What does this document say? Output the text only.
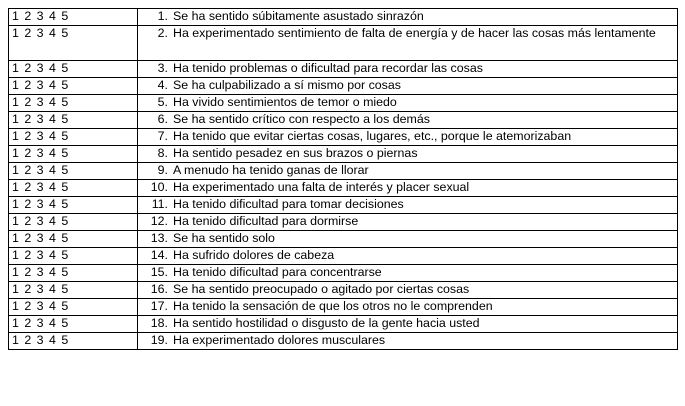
1 2 3 4 5	1. Se ha sentido súbitamente asustado sinrazón

1 2 3 4 5	2. Ha experimentado sentimiento de falta de energía y de hacer las cosas más lentamente

1 2 3 4 5	3. Ha tenido problemas o dificultad para recordar las cosas

1 2 3 4 5	4. Se ha culpabilizado a sí mismo por cosas

1 2 3 4 5	5. Ha vivido sentimientos de temor o miedo

1 2 3 4 5	6. Se ha sentido crítico con respecto a los demás

1 2 3 4 5	7. Ha tenido que evitar ciertas cosas, lugares, etc., porque le atemorizaban

1 2 3 4 5	8. Ha sentido pesadez en sus brazos o piernas

1 2 3 4 5	9. A menudo ha tenido ganas de llorar

1 2 3 4 5	10. Ha experimentado una falta de interés y placer sexual

1 2 3 4 5	11. Ha tenido dificultad para tomar decisiones

1 2 3 4 5	12. Ha tenido dificultad para dormirse

1 2 3 4 5	13. Se ha sentido solo

1 2 3 4 5	14. Ha sufrido dolores de cabeza

1 2 3 4 5	15. Ha tenido dificultad para concentrarse

1 2 3 4 5	16. Se ha sentido preocupado o agitado por ciertas cosas

1 2 3 4 5	17. Ha tenido la sensación de que los otros no le comprenden

1 2 3 4 5	18. Ha sentido hostilidad o disgusto de la gente hacia usted

1 2 3 4 5	19. Ha experimentado dolores musculares
